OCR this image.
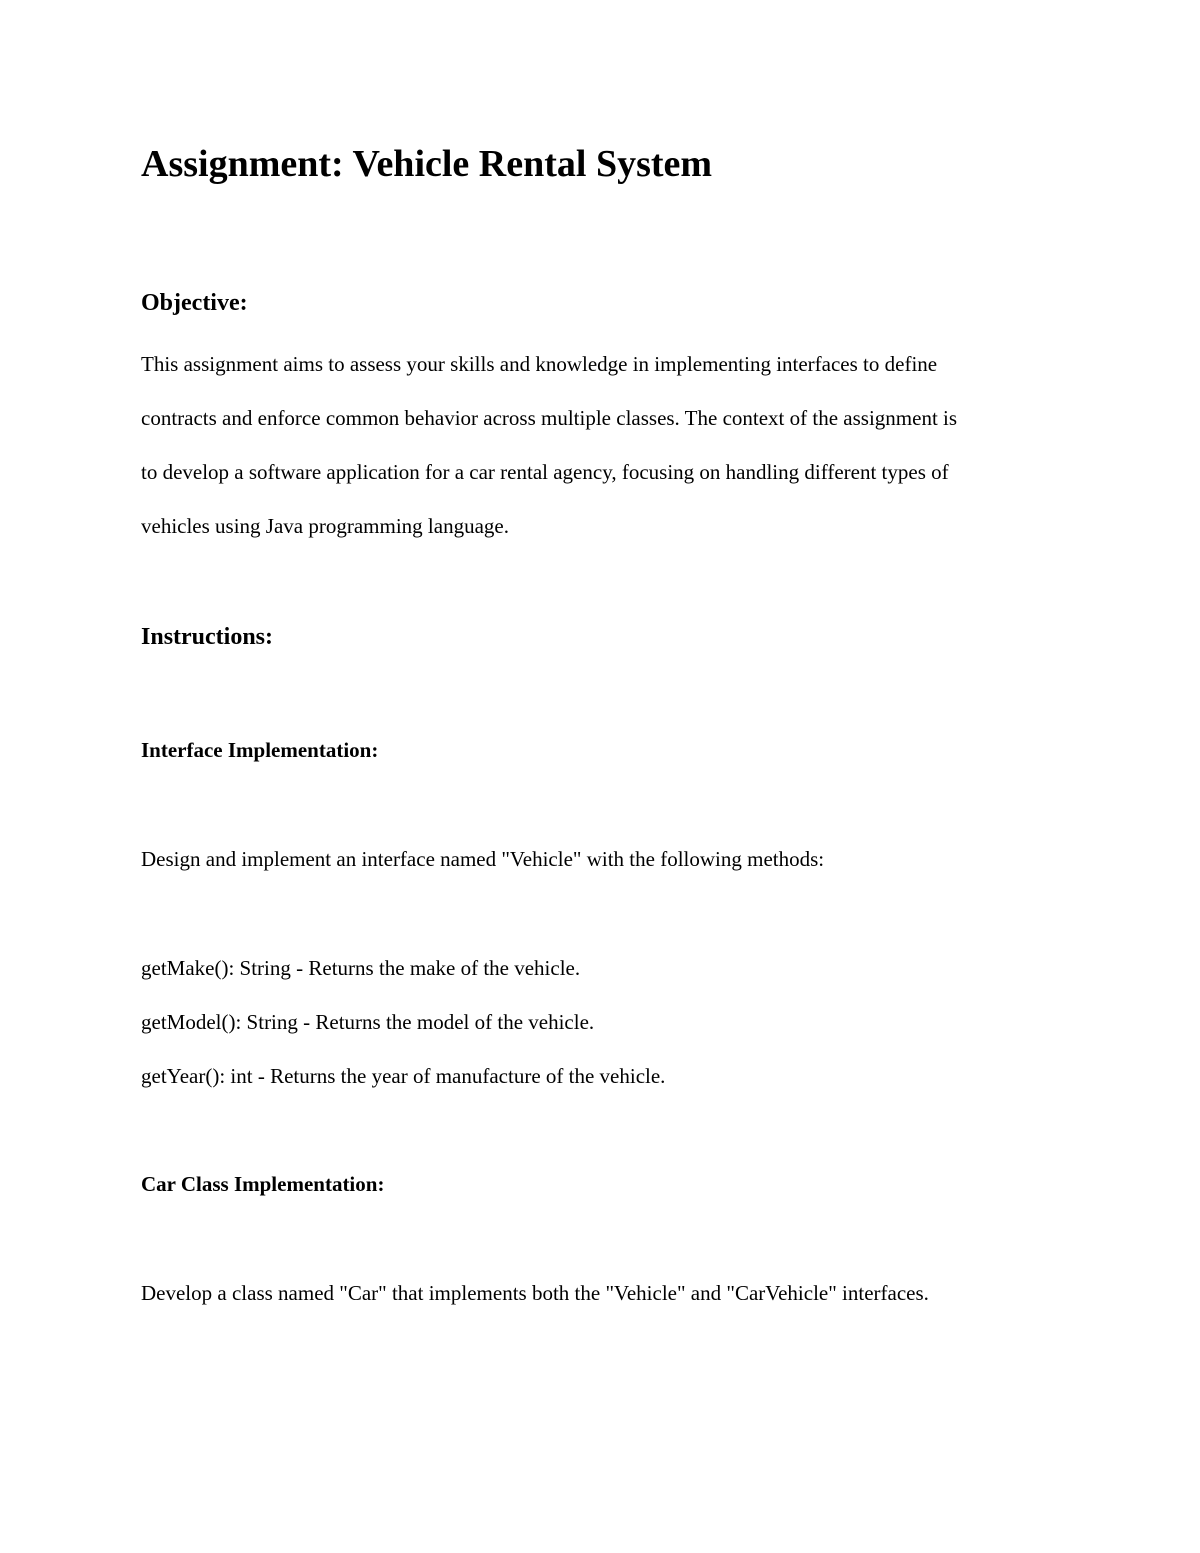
Assignment: Vehicle Rental System
Objective:

This assignment aims to assess your skills and knowledge in implementing interfaces to define

contracts and enforce common behavior across multiple classes. The context of the assignment is

to develop a software application for a car rental agency, focusing on handling different types of

vehicles using Java programming language.

Instructions:
Interface Implementation:

Design and implement an interface named "Vehicle" with the following methods:

getMake(): String - Returns the make of the vehicle.

getModel(): String - Returns the model of the vehicle.

getYear(): int - Returns the year of manufacture of the vehicle.

Car Class Implementation:

Develop a class named "Car" that implements both the "Vehicle" and "CarVehicle" interfaces.
